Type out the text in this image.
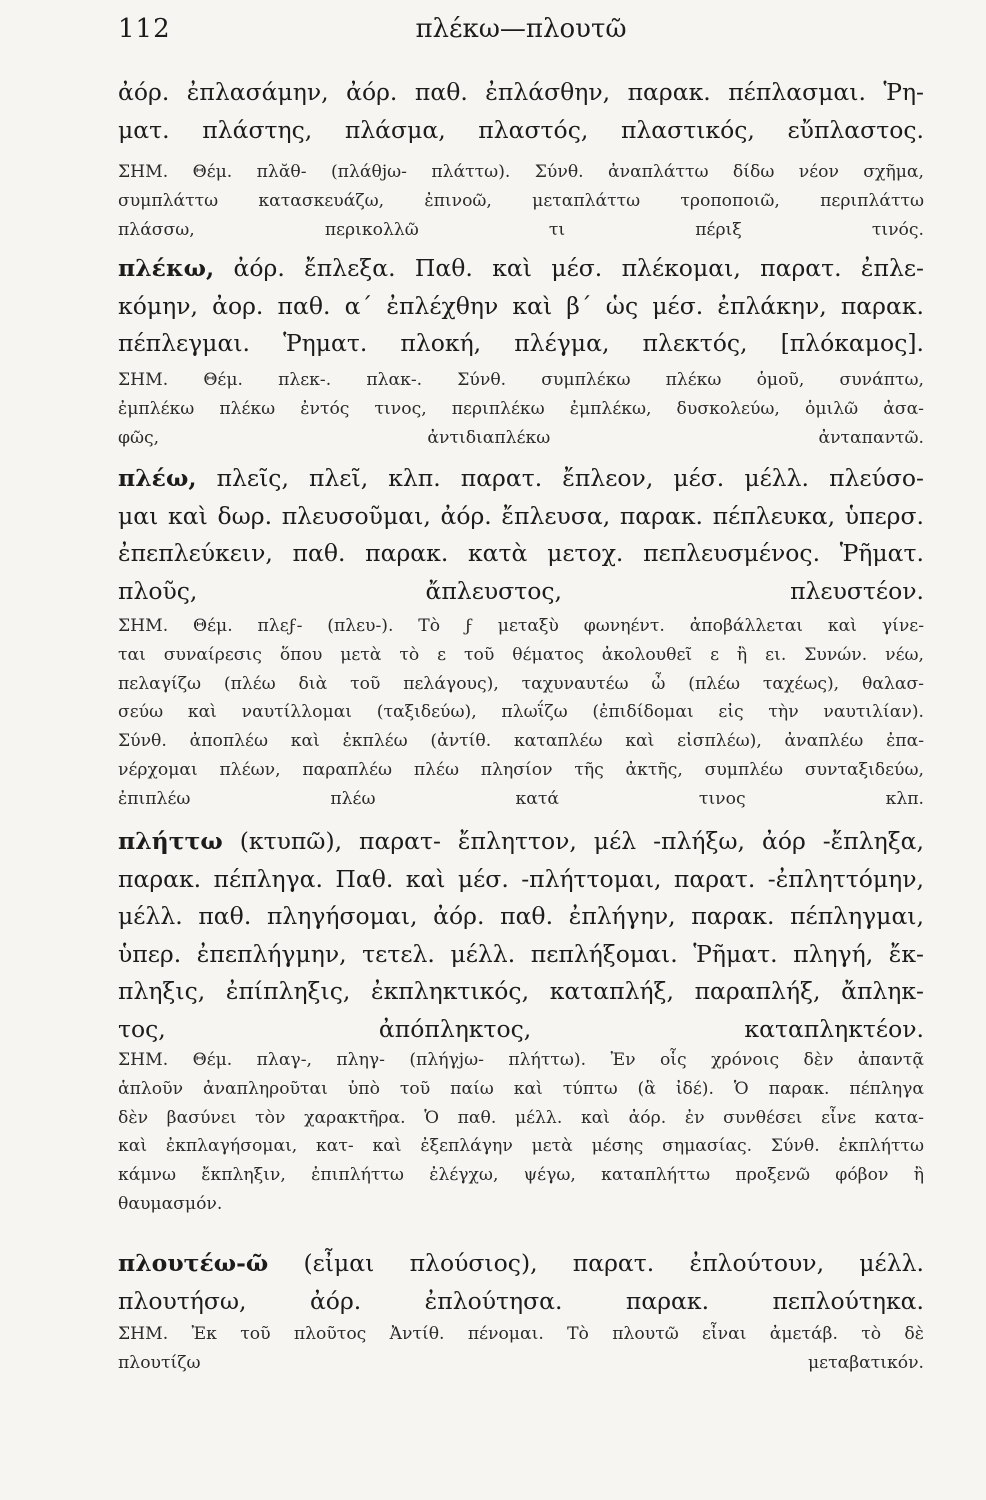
112	πλέκω—πλουτῶ
ἀόρ. ἐπλασάμην, ἀόρ. παθ. ἐπλάσθην, παρακ. πέπλασμαι. Ῥη-
ματ. πλάστης, πλάσμα, πλαστός, πλαστικός, εὔπλαστος.
ΣΗΜ. Θέμ. πλᾰθ- (πλάθjω- πλάττω). Σύνθ. ἀναπλάττω δίδω νέον σχῆμα,
συμπλάττω κατασκευάζω, ἐπινοῶ, μεταπλάττω τροποποιῶ, περιπλάττω
πλάσσω, περικολλῶ τι πέριξ τινός.
πλέκω, ἀόρ. ἔπλεξα. Παθ. καὶ μέσ. πλέκομαι, παρατ. ἐπλε-
κόμην, ἀορ. παθ. α΄ ἐπλέχθην καὶ β΄ ὡς μέσ. ἐπλάκην, παρακ.
πέπλεγμαι. Ῥηματ. πλοκή, πλέγμα, πλεκτός, [πλόκαμος].
ΣΗΜ. Θέμ. πλεκ-. πλακ-. Σύνθ. συμπλέκω πλέκω ὁμοῦ, συνάπτω,
ἐμπλέκω πλέκω ἐντός τινος, περιπλέκω ἐμπλέκω, δυσκολεύω, ὁμιλῶ ἀσα-
φῶς, ἀντιδιαπλέκω ἀνταπαντῶ.
πλέω, πλεῖς, πλεῖ, κλπ. παρατ. ἔπλεον, μέσ. μέλλ. πλεύσο-
μαι καὶ δωρ. πλευσοῦμαι, ἀόρ. ἔπλευσα, παρακ. πέπλευκα, ὑπερσ.
ἐπεπλεύκειν, παθ. παρακ. κατὰ μετοχ. πεπλευσμένος. Ῥῆματ.
πλοῦς, ἄπλευστος, πλευστέον.
ΣΗΜ. Θέμ. πλεϝ- (πλευ-). Τὸ ϝ μεταξὺ φωνηέντ. ἀποβάλλεται καὶ γίνε-
ται συναίρεσις ὅπου μετὰ τὸ ε τοῦ θέματος ἀκολουθεῖ ε ἢ ει. Συνών. νέω,
πελαγίζω (πλέω διὰ τοῦ πελάγους), ταχυναυτέω ὦ (πλέω ταχέως), θαλασ-
σεύω καὶ ναυτίλλομαι (ταξιδεύω), πλωΐζω (ἐπιδίδομαι εἰς τὴν ναυτιλίαν).
Σύνθ. ἀποπλέω καὶ ἐκπλέω (ἀντίθ. καταπλέω καὶ εἰσπλέω), ἀναπλέω ἐπα-
νέρχομαι πλέων, παραπλέω πλέω πλησίον τῆς ἀκτῆς, συμπλέω συνταξιδεύω,
ἐπιπλέω πλέω κατά τινος κλπ.
πλήττω (κτυπῶ), παρατ- ἔπληττον, μέλ -πλήξω, ἀόρ -ἔπληξα,
παρακ. πέπληγα. Παθ. καὶ μέσ. -πλήττομαι, παρατ. -ἐπληττόμην,
μέλλ. παθ. πληγήσομαι, ἀόρ. παθ. ἐπλήγην, παρακ. πέπληγμαι,
ὑπερ. ἐπεπλήγμην, τετελ. μέλλ. πεπλήξομαι. Ῥῆματ. πληγή, ἔκ-
πληξις, ἐπίπληξις, ἐκπληκτικός, καταπλήξ, παραπλήξ, ἄπληκ-
τος, ἀπόπληκτος, καταπληκτέον.
ΣΗΜ. Θέμ. πλαγ-, πληγ- (πλήγjω- πλήττω). Ἐν οἷς χρόνοις δὲν ἀπαντᾷ
ἁπλοῦν ἀναπληροῦται ὑπὸ τοῦ παίω καὶ τύπτω (ἃ ἰδέ). Ὁ παρακ. πέπληγα
δὲν βασύνει τὸν χαρακτῆρα. Ὁ παθ. μέλλ. καὶ ἀόρ. ἐν συνθέσει εἶνε κατα-
καὶ ἐκπλαγήσομαι, κατ- καὶ ἐξεπλάγην μετὰ μέσης σημασίας. Σύνθ. ἐκπλήττω
κάμνω ἔκπληξιν, ἐπιπλήττω ἐλέγχω, ψέγω, καταπλήττω προξενῶ φόβον ἢ
θαυμασμόν.
πλουτέω-ῶ (εἶμαι πλούσιος), παρατ. ἐπλούτουν, μέλλ.
πλουτήσω, ἀόρ. ἐπλούτησα. παρακ. πεπλούτηκα.
ΣΗΜ. Ἐκ τοῦ πλοῦτος Ἀντίθ. πένομαι. Τὸ πλουτῶ εἶναι ἀμετάβ. τὸ δὲ
πλουτίζω μεταβατικόν.
